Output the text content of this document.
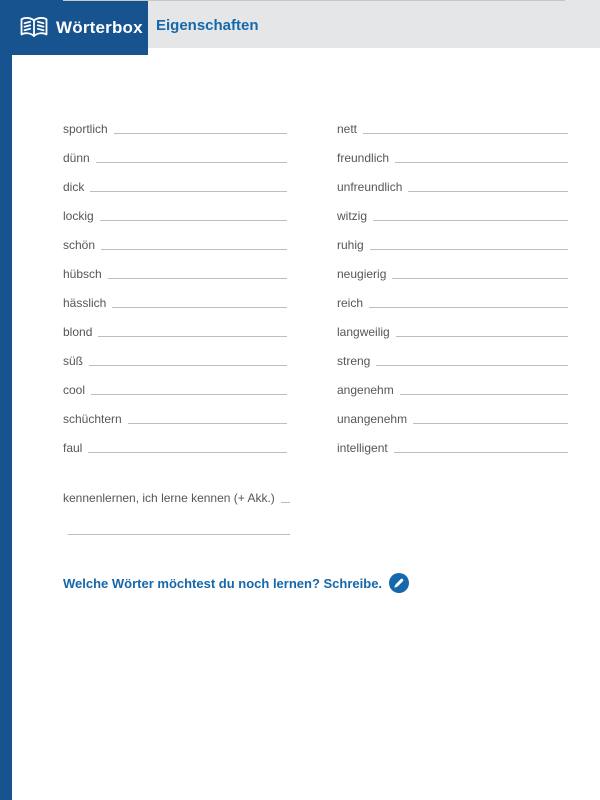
Wörterbox Eigenschaften
sportlich
dünn
dick
lockig
schön
hübsch
hässlich
blond
süß
cool
schüchtern
faul
nett
freundlich
unfreundlich
witzig
ruhig
neugierig
reich
langweilig
streng
angenehm
unangenehm
intelligent
kennenlernen, ich lerne kennen (+ Akk.)
Welche Wörter möchtest du noch lernen? Schreibe.
